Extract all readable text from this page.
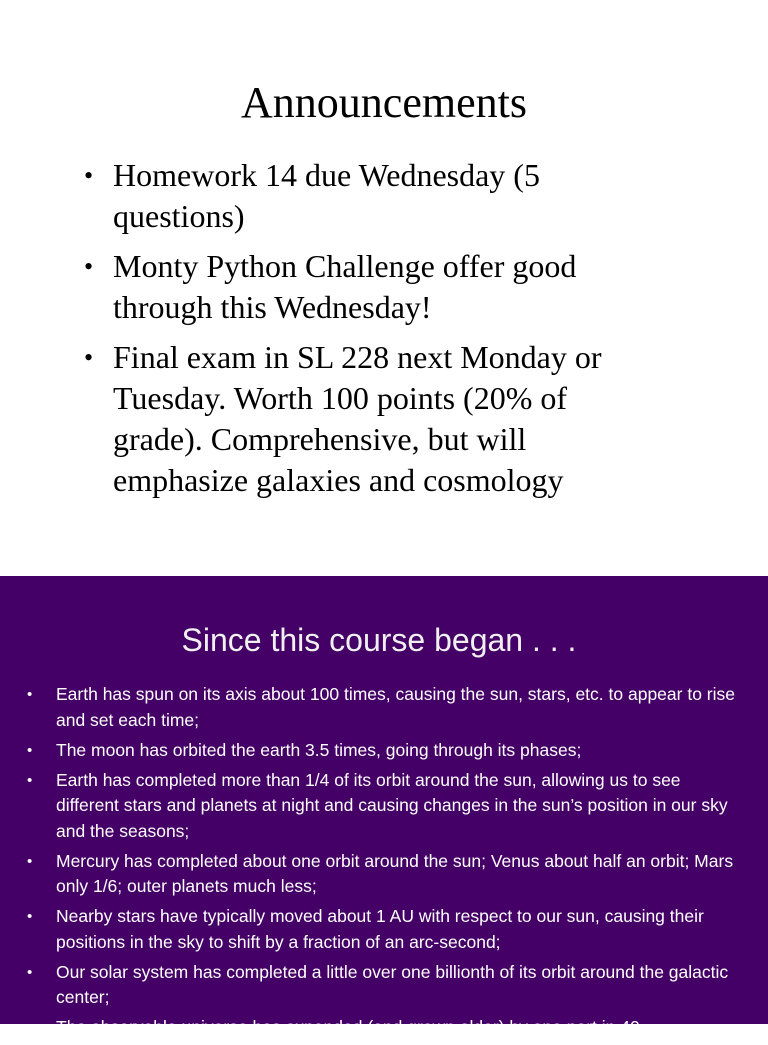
Announcements
• Homework 14 due Wednesday (5 questions)
• Monty Python Challenge offer good through this Wednesday!
• Final exam in SL 228 next Monday or Tuesday. Worth 100 points (20% of grade). Comprehensive, but will emphasize galaxies and cosmology
Since this course began . . .
• Earth has spun on its axis about 100 times, causing the sun, stars, etc. to appear to rise and set each time;
• The moon has orbited the earth 3.5 times, going through its phases;
• Earth has completed more than 1/4 of its orbit around the sun, allowing us to see different stars and planets at night and causing changes in the sun’s position in our sky and the seasons;
• Mercury has completed about one orbit around the sun; Venus about half an orbit; Mars only 1/6; outer planets much less;
• Nearby stars have typically moved about 1 AU with respect to our sun, causing their positions in the sky to shift by a fraction of an arc-second;
• Our solar system has completed a little over one billionth of its orbit around the galactic center;
• The observable universe has expanded (and grown older) by one part in 40
